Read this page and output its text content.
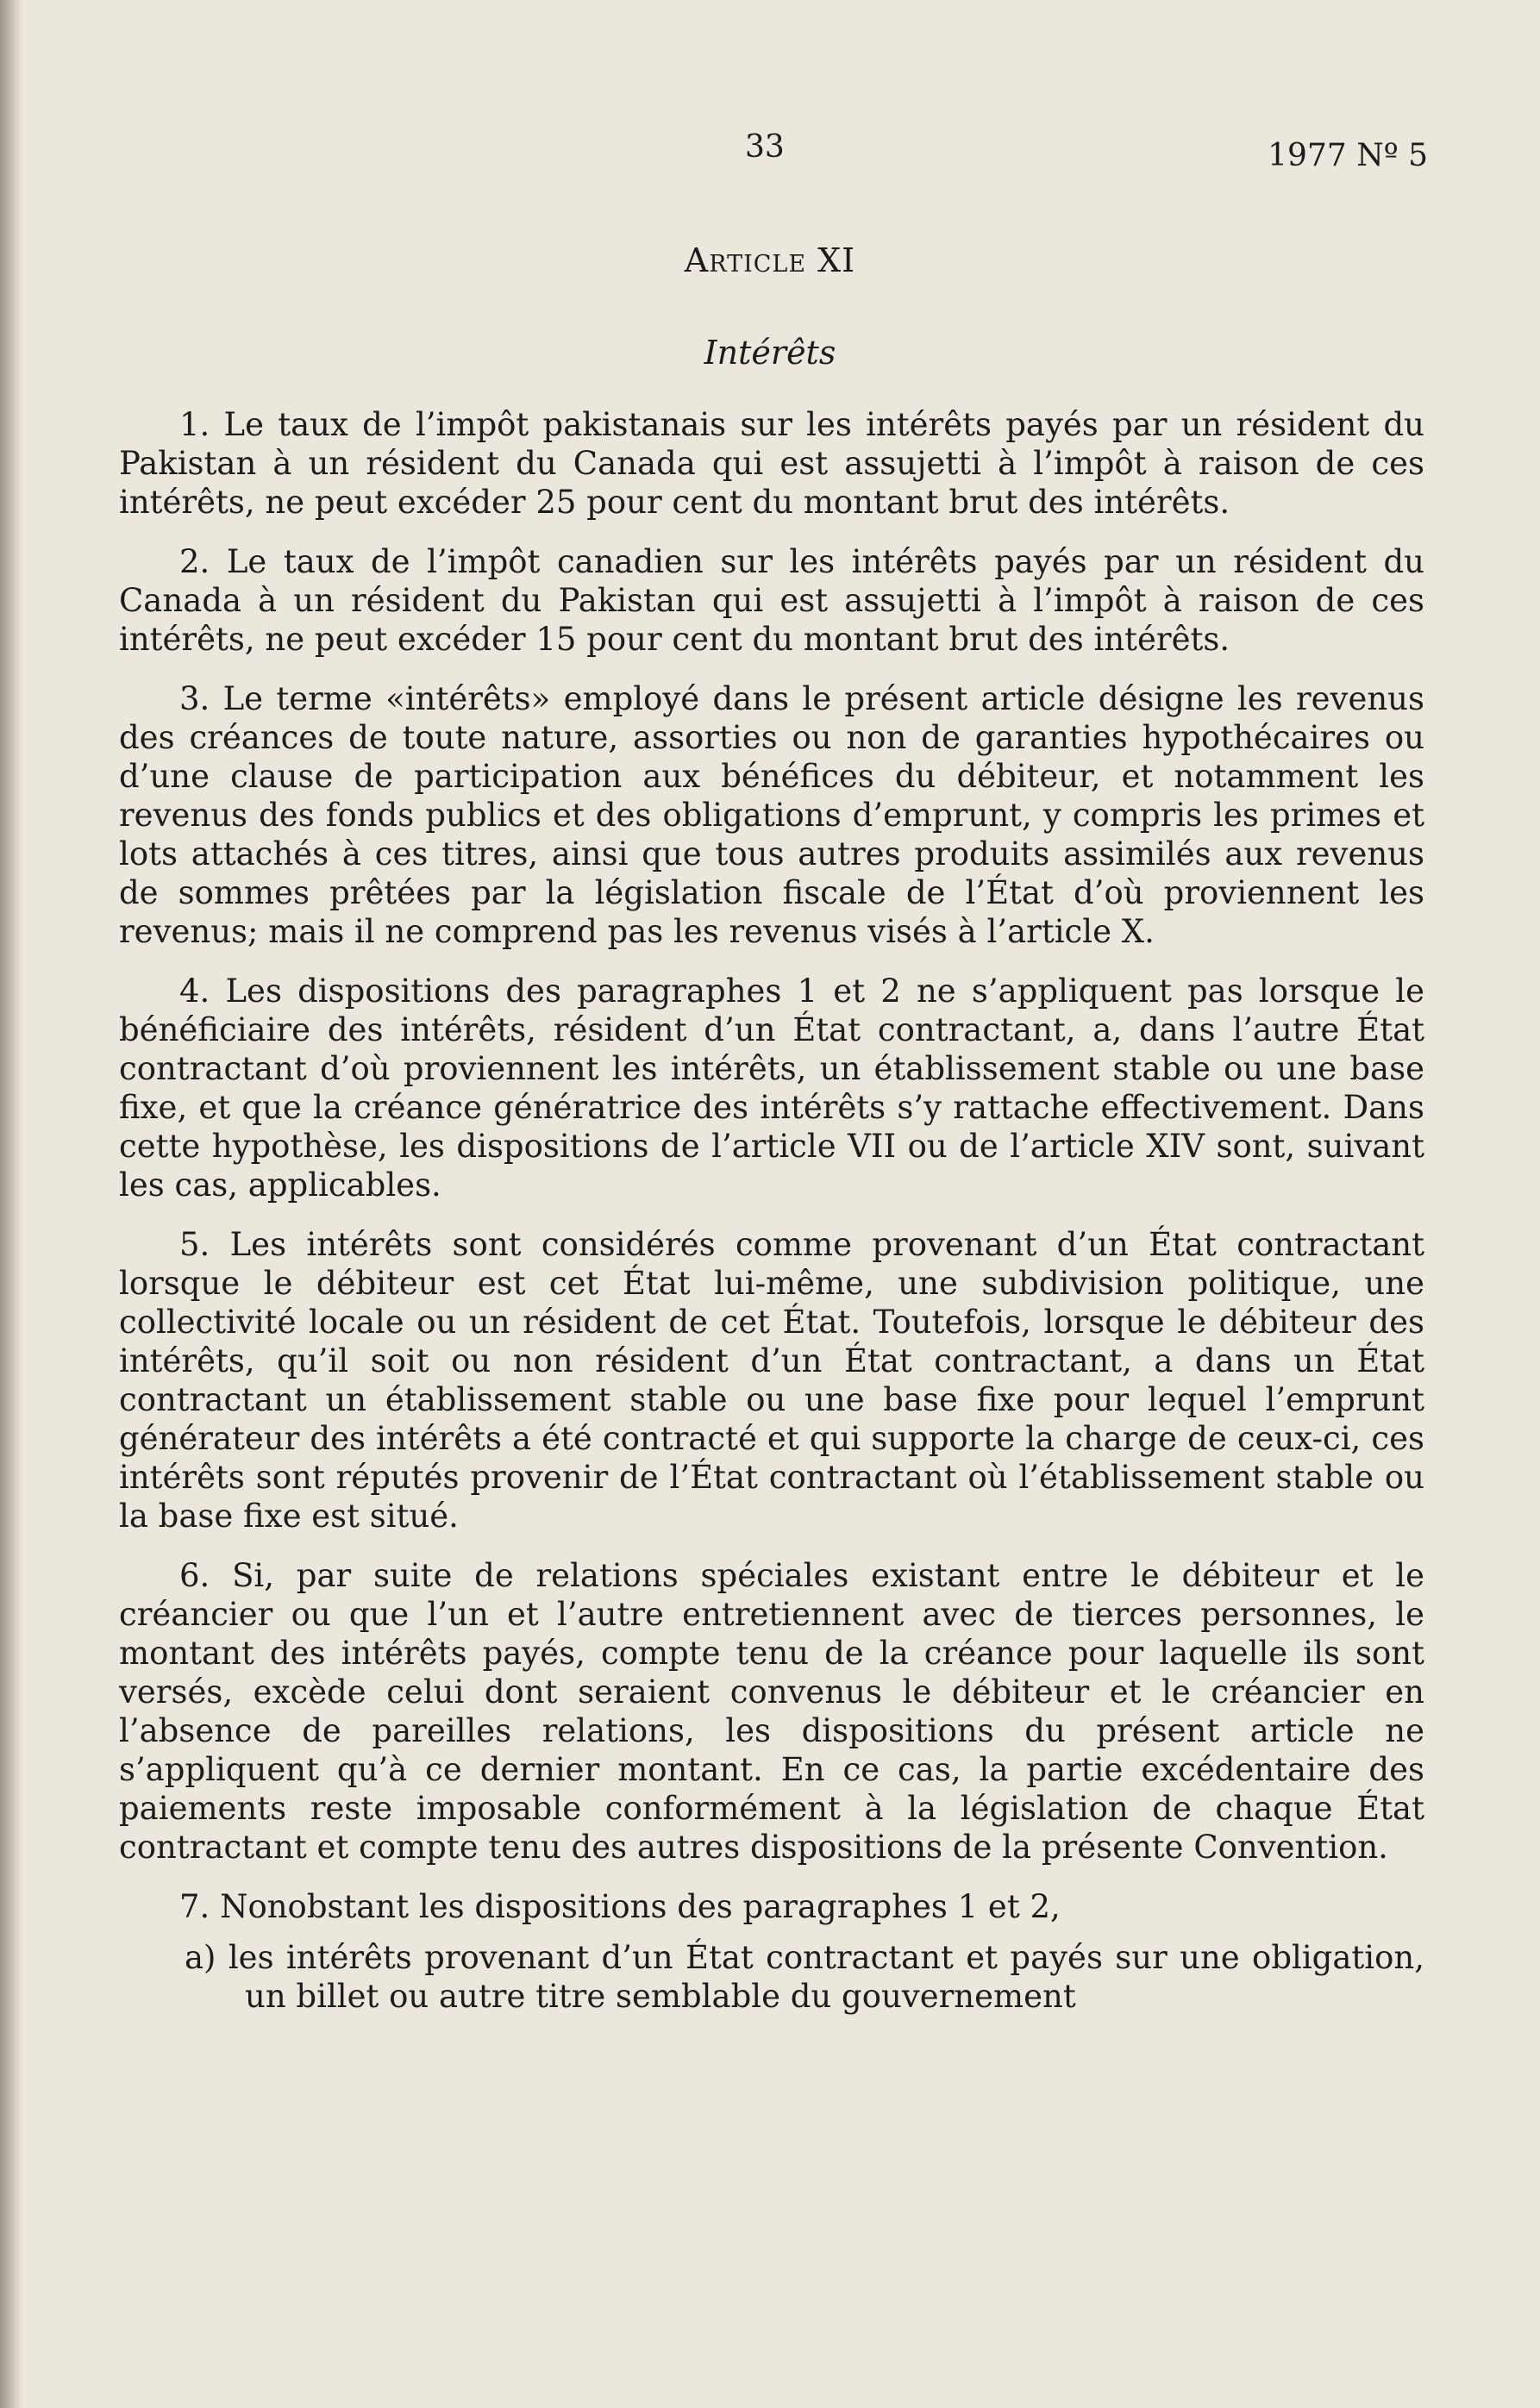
33	1977 Nº 5
Article XI
Intérêts

1. Le taux de l’impôt pakistanais sur les intérêts payés par un résident du Pakistan à un résident du Canada qui est assujetti à l’impôt à raison de ces intérêts, ne peut excéder 25 pour cent du montant brut des intérêts.

2. Le taux de l’impôt canadien sur les intérêts payés par un résident du Canada à un résident du Pakistan qui est assujetti à l’impôt à raison de ces intérêts, ne peut excéder 15 pour cent du montant brut des intérêts.

3. Le terme «intérêts» employé dans le présent article désigne les revenus des créances de toute nature, assorties ou non de garanties hypothécaires ou d’une clause de participation aux bénéfices du débiteur, et notamment les revenus des fonds publics et des obligations d’emprunt, y compris les primes et lots attachés à ces titres, ainsi que tous autres produits assimilés aux revenus de sommes prêtées par la législation fiscale de l’État d’où proviennent les revenus; mais il ne comprend pas les revenus visés à l’article X.

4. Les dispositions des paragraphes 1 et 2 ne s’appliquent pas lorsque le bénéficiaire des intérêts, résident d’un État contractant, a, dans l’autre État contractant d’où proviennent les intérêts, un établissement stable ou une base fixe, et que la créance génératrice des intérêts s’y rattache effectivement. Dans cette hypothèse, les dispositions de l’article VII ou de l’article XIV sont, suivant les cas, applicables.

5. Les intérêts sont considérés comme provenant d’un État contractant lorsque le débiteur est cet État lui-même, une subdivision politique, une collectivité locale ou un résident de cet État. Toutefois, lorsque le débiteur des intérêts, qu’il soit ou non résident d’un État contractant, a dans un État contractant un établissement stable ou une base fixe pour lequel l’emprunt générateur des intérêts a été contracté et qui supporte la charge de ceux-ci, ces intérêts sont réputés provenir de l’État contractant où l’établissement stable ou la base fixe est situé.

6. Si, par suite de relations spéciales existant entre le débiteur et le créancier ou que l’un et l’autre entretiennent avec de tierces personnes, le montant des intérêts payés, compte tenu de la créance pour laquelle ils sont versés, excède celui dont seraient convenus le débiteur et le créancier en l’absence de pareilles relations, les dispositions du présent article ne s’appliquent qu’à ce dernier montant. En ce cas, la partie excédentaire des paiements reste imposable conformément à la législation de chaque État contractant et compte tenu des autres dispositions de la présente Convention.

7. Nonobstant les dispositions des paragraphes 1 et 2,

a) les intérêts provenant d’un État contractant et payés sur une obligation, un billet ou autre titre semblable du gouvernement
